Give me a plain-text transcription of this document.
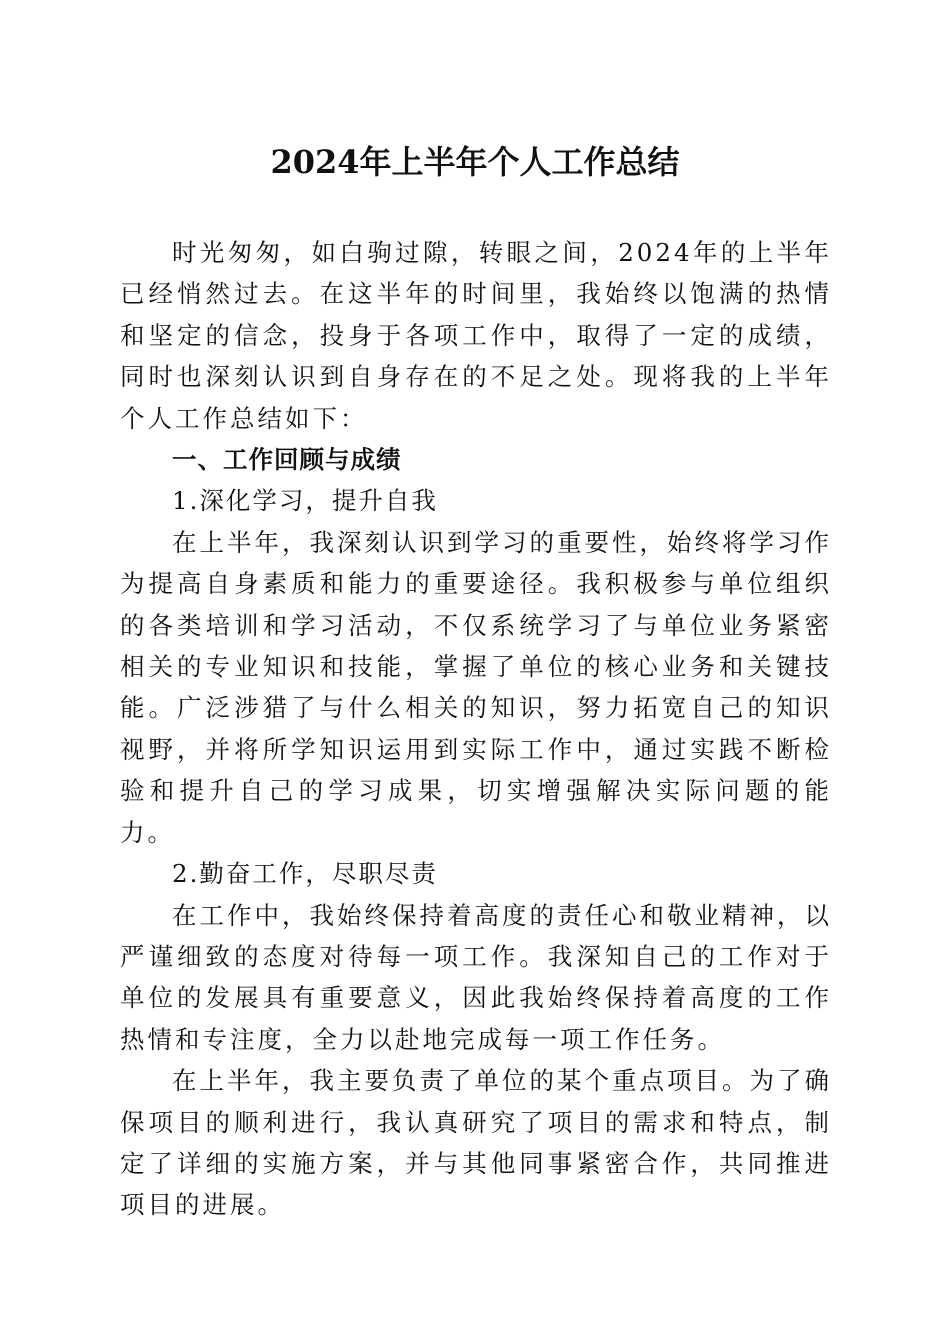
2024年上半年个人工作总结

时光匆匆，如白驹过隙，转眼之间，2024年的上半年已经悄然过去。在这半年的时间里，我始终以饱满的热情和坚定的信念，投身于各项工作中，取得了一定的成绩，同时也深刻认识到自身存在的不足之处。现将我的上半年个人工作总结如下：

一、工作回顾与成绩

1.深化学习，提升自我

在上半年，我深刻认识到学习的重要性，始终将学习作为提高自身素质和能力的重要途径。我积极参与单位组织的各类培训和学习活动，不仅系统学习了与单位业务紧密相关的专业知识和技能，掌握了单位的核心业务和关键技能。广泛涉猎了与什么相关的知识，努力拓宽自己的知识视野，并将所学知识运用到实际工作中，通过实践不断检验和提升自己的学习成果，切实增强解决实际问题的能力。

2.勤奋工作，尽职尽责

在工作中，我始终保持着高度的责任心和敬业精神，以严谨细致的态度对待每一项工作。我深知自己的工作对于单位的发展具有重要意义，因此我始终保持着高度的工作热情和专注度，全力以赴地完成每一项工作任务。

在上半年，我主要负责了单位的某个重点项目。为了确保项目的顺利进行，我认真研究了项目的需求和特点，制定了详细的实施方案，并与其他同事紧密合作，共同推进项目的进展。
